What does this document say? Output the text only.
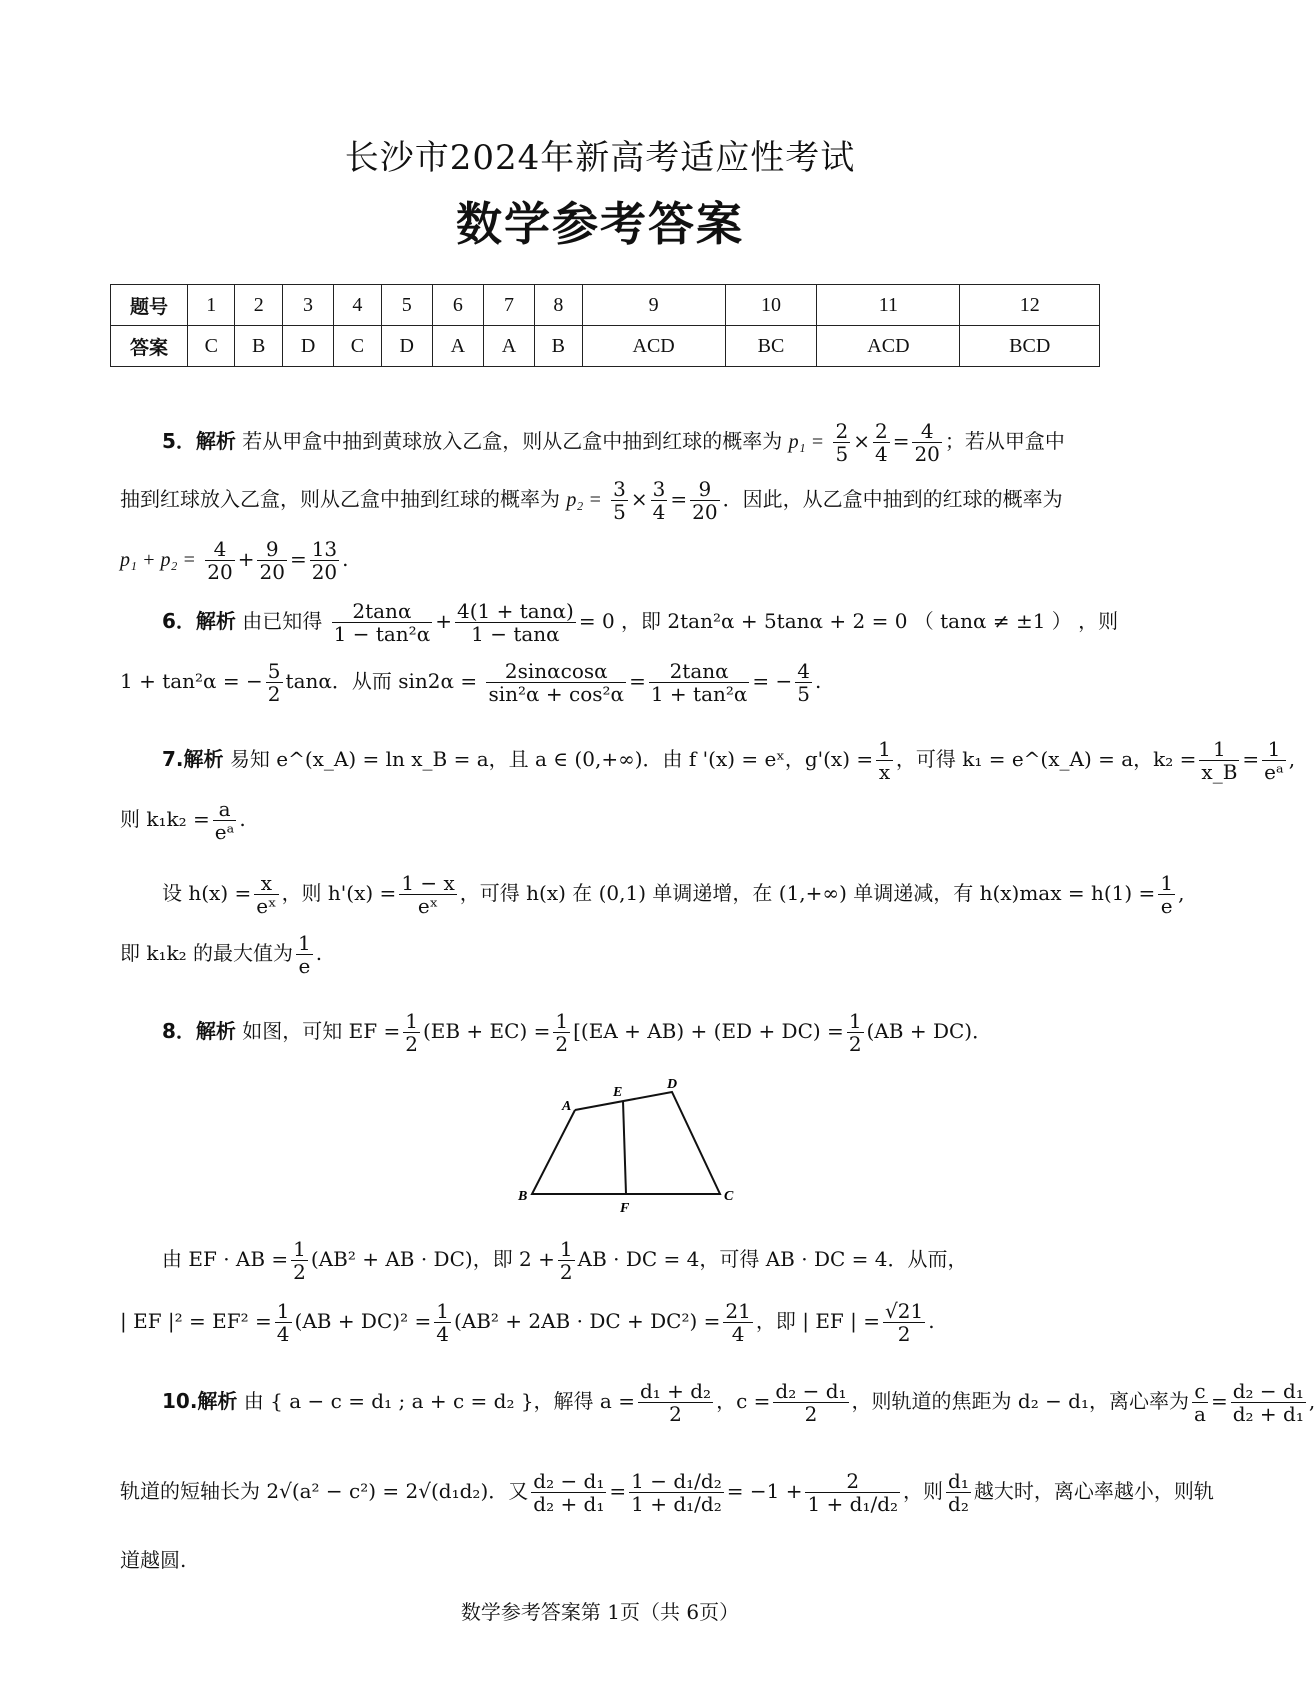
长沙市2024年新高考适应性考试
数学参考答案
题号	1	2	3	4	5	6	7	8	9	10	11	12
答案	C	B	D	C	D	A	A	B	ACD	BC	ACD	BCD
5．解析 若从甲盒中抽到黄球放入乙盒，则从乙盒中抽到红球的概率为 $p_1 = \frac{2}{5} \times \frac{2}{4} = \frac{4}{20}$ ；若从甲盒中
抽到红球放入乙盒，则从乙盒中抽到红球的概率为 $p_2 = \frac{3}{5} \times \frac{3}{4} = \frac{9}{20}$ ．因此，从乙盒中抽到的红球的概率为
$p_1 + p_2 = \frac{4}{20} + \frac{9}{20} = \frac{13}{20}$ .
6．解析 由已知得 $\frac{2\tan\alpha}{\text{1 − tan²α}} + \frac{4(1 + \tan\alpha)}{1 - \tan\alpha} = 0$ ，即 2tan²α + 5tanα + 2 = 0 （ tanα ≠ ±1 ） ，则
1 + tan²α = − $\frac{5}{2}$ tanα．从而 $\sin 2\alpha = \frac{2\sin\alpha\cos\alpha}{\text{sin²α + cos²α}} = \frac{2\tan\alpha}{\text{1 + tan²α}}$ = − $\frac{4}{5}$ .
7.解析 易知 e^(x_A) = ln x_B = a，且 a ∈ (0,+∞)．由 f '(x) = eˣ，$g'(x) = \frac{1}{x}$ ，可得 k₁ = e^(x_A) = a，$k_2 = \frac{1}{x\_B} = \frac{1}{\text{eᵃ}}$ ,
则 $k_1k_2 = \frac{a}{\text{eᵃ}}$ .
设 $h(x) = \frac{x}{\text{eˣ}}$ ，则 $h'(x) = \frac{1 - x}{\text{eˣ}}$ ，可得 h(x) 在 (0,1) 单调递增，在 (1,+∞) 单调递减，有 $h(x)\max = h(1) = \frac{1}{e}$ ,
即 k₁k₂ 的最大值为 $\frac{1}{e}$ .
8．解析 如图，可知 EF = $\frac{1}{2} (EB + EC) = \frac{1}{2} [(EA + AB) + (ED + DC) = \frac{1}{2} (AB + DC)$．
A
E
D
B
F
C
由 EF · AB = $\frac{1}{2} (AB^2$ + AB · DC)，即 $2 + \frac{1}{2}$ AB · DC = 4，可得 AB · DC = 4．从而，
| EF $|^2 = EF^2 = \frac{1}{4} (AB + DC)^2 = \frac{1}{4} (AB^2 + 2AB$ · DC + $DC^2) = \frac{21}{4}$ ，即 | EF | = $\frac{√21}{2}$ .
10.解析 由 { a − c = d₁ ; a + c = d₂ }，解得 $a = \frac{\text{d₁ + d₂}}{2}$ ，$c = \frac{\text{d₂ − d₁}}{2}$ ，则轨道的焦距为 d₂ − d₁，离心率为 $\frac{c}{a} = \frac{\text{d₂ − d₁}}{\text{d₂ + d₁}}$ ,
轨道的短轴长为 2√(a² − c²) = 2√(d₁d₂)．又 $\frac{\text{d₂ − d₁}}{\text{d₂ + d₁}} = \frac{\text{1 − d₁/d₂}}{\text{1 + d₁/d₂}} = -1 + \frac{2}{\text{1 + d₁/d₂}}$ ，则 $\frac{\text{d₁}}{\text{d₂}}$ 越大时，离心率越小，则轨
道越圆.
数学参考答案第 1页（共 6页）
